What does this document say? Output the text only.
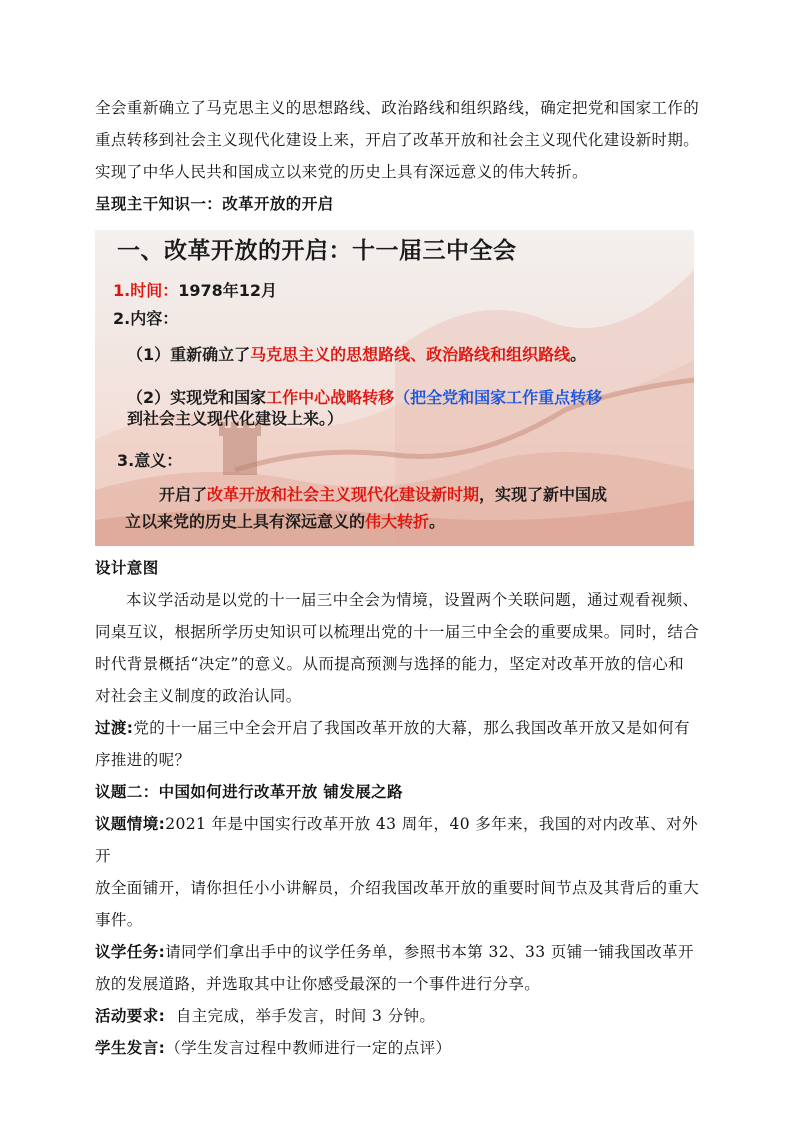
全会重新确立了马克思主义的思想路线、政治路线和组织路线，确定把党和国家工作的

重点转移到社会主义现代化建设上来，开启了改革开放和社会主义现代化建设新时期。

实现了中华人民共和国成立以来党的历史上具有深远意义的伟大转折。

呈现主干知识一：改革开放的开启

一、改革开放的开启：十一届三中全会
1.时间：1978年12月
2.内容：
（1）重新确立了马克思主义的思想路线、政治路线和组织路线。
（2）实现党和国家工作中心战略转移（把全党和国家工作重点转移
到社会主义现代化建设上来。）
3.意义：
开启了改革开放和社会主义现代化建设新时期，实现了新中国成
立以来党的历史上具有深远意义的伟大转折。

设计意图

本议学活动是以党的十一届三中全会为情境，设置两个关联问题，通过观看视频、

同桌互议，根据所学历史知识可以梳理出党的十一届三中全会的重要成果。同时，结合

时代背景概括“决定”的意义。从而提高预测与选择的能力，坚定对改革开放的信心和

对社会主义制度的政治认同。

过渡:党的十一届三中全会开启了我国改革开放的大幕，那么我国改革开放又是如何有

序推进的呢？

议题二：中国如何进行改革开放 铺发展之路

议题情境:2021 年是中国实行改革开放 43 周年，40 多年来，我国的对内改革、对外开

放全面铺开，请你担任小小讲解员，介绍我国改革开放的重要时间节点及其背后的重大

事件。

议学任务:请同学们拿出手中的议学任务单，参照书本第 32、33 页铺一铺我国改革开

放的发展道路，并选取其中让你感受最深的一个事件进行分享。

活动要求:  自主完成，举手发言，时间 3 分钟。

学生发言:（学生发言过程中教师进行一定的点评）
